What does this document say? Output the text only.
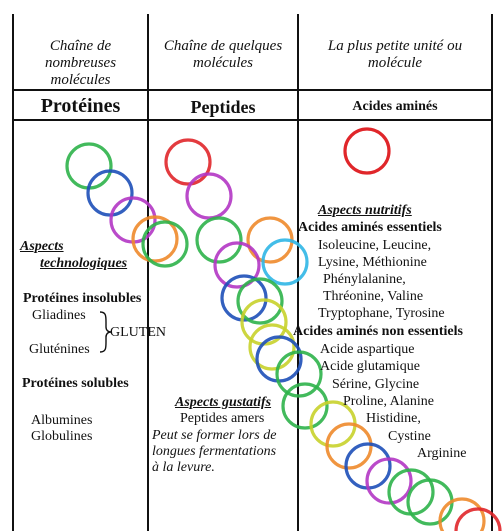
Chaîne de
nombreuses
molécules
Chaîne de quelques
molécules
La plus petite unité ou
molécule
Protéines	Peptides	Acides aminés
Aspects
technologiques
Protéines insolubles
Gliadines
Gluténines
GLUTEN
Protéines solubles
Albumines
Globulines
Aspects gustatifs
Peptides amers
Peut se former lors de
longues fermentations
à la levure.
Aspects nutritifs
Acides aminés essentiels
Isoleucine, Leucine,
Lysine, Méthionine
Phénylalanine,
Thréonine, Valine
Tryptophane, Tyrosine
Acides aminés non essentiels
Acide aspartique
Acide glutamique
Sérine, Glycine
Proline, Alanine
Histidine,
Cystine
Arginine
